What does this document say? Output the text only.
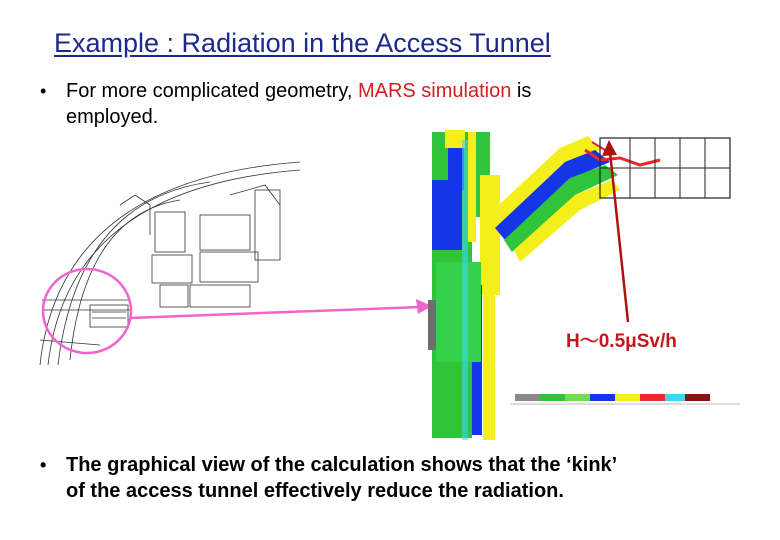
Example : Radiation in the Access Tunnel
• For more complicated geometry, MARS simulation is
employed.
H～0.5μSv/h
• The graphical view of the calculation shows that the ‘kink’
of the access tunnel effectively reduce the radiation.
